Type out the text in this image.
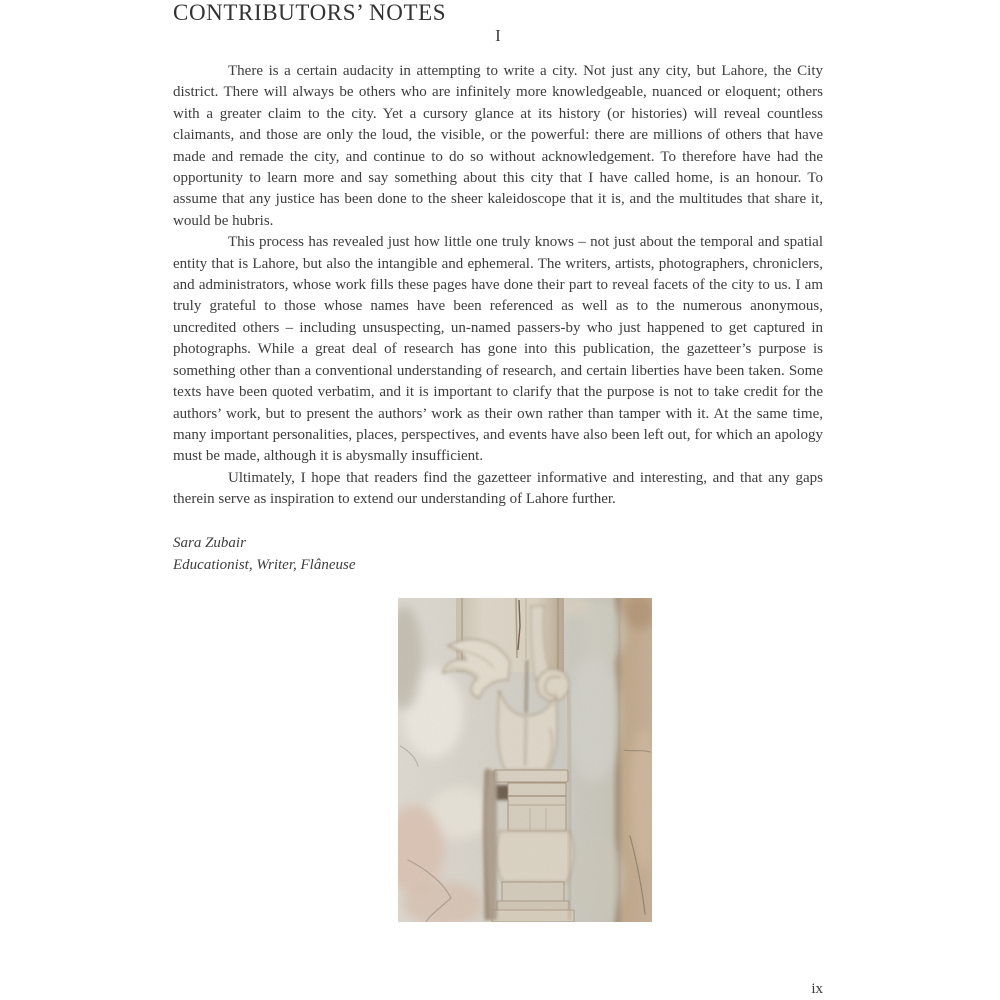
CONTRIBUTORS’ NOTES
I

There is a certain audacity in attempting to write a city. Not just any city, but Lahore, the City district. There will always be others who are infinitely more knowledgeable, nuanced or eloquent; others with a greater claim to the city. Yet a cursory glance at its history (or histories) will reveal countless claimants, and those are only the loud, the visible, or the powerful: there are millions of others that have made and remade the city, and continue to do so without acknowledgement. To therefore have had the opportunity to learn more and say something about this city that I have called home, is an honour. To assume that any justice has been done to the sheer kaleidoscope that it is, and the multitudes that share it, would be hubris.

This process has revealed just how little one truly knows – not just about the temporal and spatial entity that is Lahore, but also the intangible and ephemeral. The writers, artists, photographers, chroniclers, and administrators, whose work fills these pages have done their part to reveal facets of the city to us. I am truly grateful to those whose names have been referenced as well as to the numerous anonymous, uncredited others – including unsuspecting, un-named passers-by who just happened to get captured in photographs. While a great deal of research has gone into this publication, the gazetteer’s purpose is something other than a conventional understanding of research, and certain liberties have been taken. Some texts have been quoted verbatim, and it is important to clarify that the purpose is not to take credit for the authors’ work, but to present the authors’ work as their own rather than tamper with it. At the same time, many important personalities, places, perspectives, and events have also been left out, for which an apology must be made, although it is abysmally insufficient.

Ultimately, I hope that readers find the gazetteer informative and interesting, and that any gaps therein serve as inspiration to extend our understanding of Lahore further.

Sara Zubair
Educationist, Writer, Flâneuse
ix
